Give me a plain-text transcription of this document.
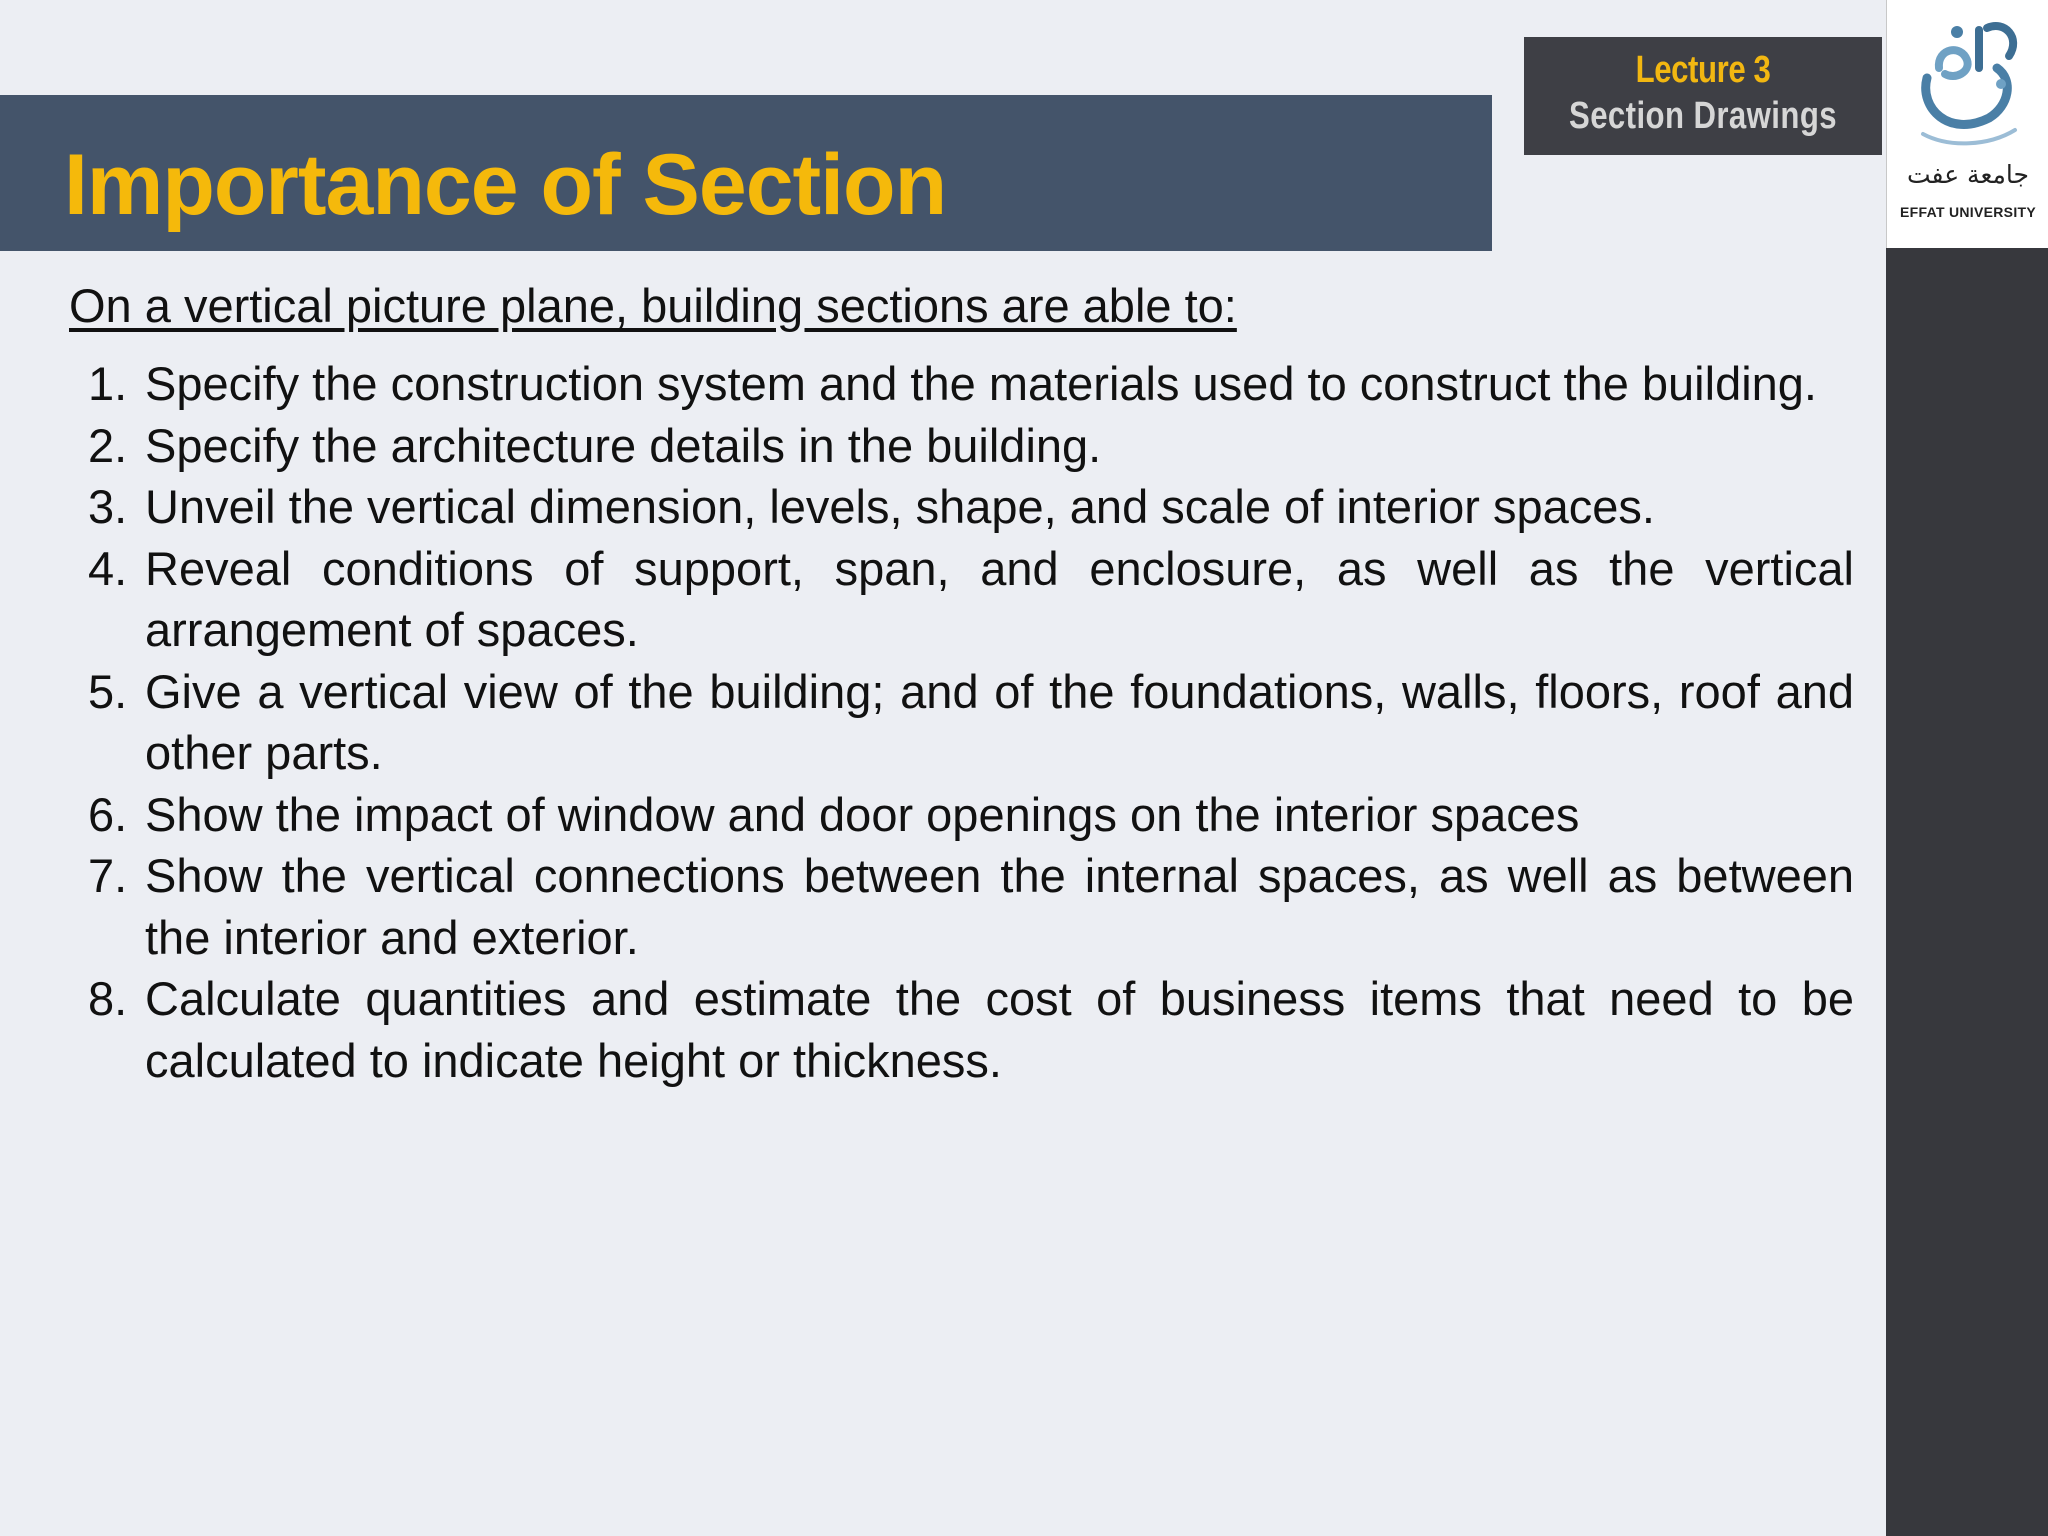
جامعة عفت
EFFAT UNIVERSITY
Lecture 3
Section Drawings
Importance of Section

On a vertical picture plane, building sections are able to:

1. Specify the construction system and the materials used to construct the building.
2. Specify the architecture details in the building.
3. Unveil the vertical dimension, levels, shape, and scale of interior spaces.
4. Reveal conditions of support, span, and enclosure, as well as the vertical arrangement of spaces.
5. Give a vertical view of the building; and of the foundations, walls, floors, roof and other parts.
6. Show the impact of window and door openings on the interior spaces
7. Show the vertical connections between the internal spaces, as well as between the interior and exterior.
8. Calculate quantities and estimate the cost of business items that need to be calculated to indicate height or thickness.
